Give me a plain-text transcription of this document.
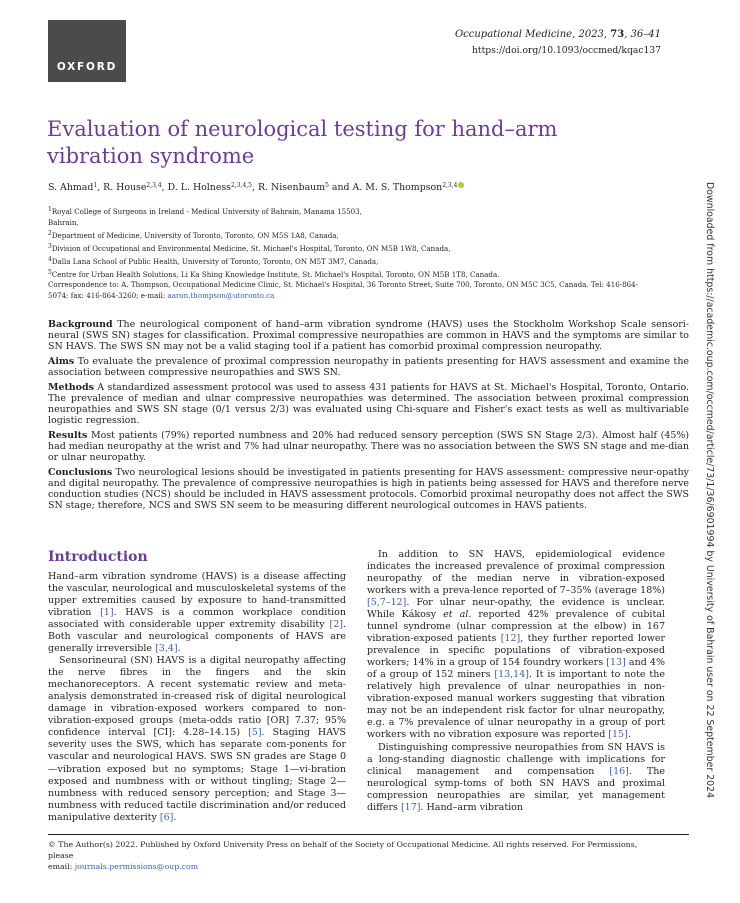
OXFORD
Occupational Medicine, 2023, 73, 36–41
https://doi.org/10.1093/occmed/kqac137
Evaluation of neurological testing for hand–arm vibration syndrome
S. Ahmad$^1$, R. House$^{2,3,4}$, D. L. Holness$^{2,3,4,5}$, R. Nisenbaum$^5$ and A. M. S. Thompson$^{2,3,4}$
$^1$Royal College of Surgeons in Ireland - Medical University of Bahrain, Manama 15503,
Bahrain,
$^2$Department of Medicine, University of Toronto, Toronto, ON M5S 1A8, Canada,
$^3$Division of Occupational and Environmental Medicine, St. Michael's Hospital, Toronto, ON M5B 1W8, Canada,
$^4$Dalla Lana School of Public Health, University of Toronto, Toronto, ON M5T 3M7, Canada,
$^5$Centre for Urban Health Solutions, Li Ka Shing Knowledge Institute, St. Michael's Hospital, Toronto, ON M5B 1T8, Canada.
Correspondence to: A. Thompson, Occupational Medicine Clinic, St. Michael's Hospital, 36 Toronto Street, Suite 700, Toronto, ON M5C 3C5, Canada. Tel: 416-864-
5074; fax: 416-864-3260; e-mail: aaron.thompson@utoronto.ca

Background The neurological component of hand–arm vibration syndrome (HAVS) uses the Stockholm Workshop Scale sensori-neural (SWS SN) stages for classification. Proximal compressive neuropathies are common in HAVS and the symptoms are similar to SN HAVS. The SWS SN may not be a valid staging tool if a patient has comorbid proximal compression neuropathy.

Aims To evaluate the prevalence of proximal compression neuropathy in patients presenting for HAVS assessment and examine the association between compressive neuropathies and SWS SN.

Methods A standardized assessment protocol was used to assess 431 patients for HAVS at St. Michael's Hospital, Toronto, Ontario. The prevalence of median and ulnar compressive neuropathies was determined. The association between proximal compression neuropathies and SWS SN stage (0/1 versus 2/3) was evaluated using Chi-square and Fisher's exact tests as well as multivariable logistic regression.

Results Most patients (79%) reported numbness and 20% had reduced sensory perception (SWS SN Stage 2/3). Almost half (45%) had median neuropathy at the wrist and 7% had ulnar neuropathy. There was no association between the SWS SN stage and me-dian or ulnar neuropathy.

Conclusions Two neurological lesions should be investigated in patients presenting for HAVS assessment: compressive neur-opathy and digital neuropathy. The prevalence of compressive neuropathies is high in patients being assessed for HAVS and therefore nerve conduction studies (NCS) should be included in HAVS assessment protocols. Comorbid proximal neuropathy does not affect the SWS SN stage; therefore, NCS and SWS SN seem to be measuring different neurological outcomes in HAVS patients.

Introduction

Hand–arm vibration syndrome (HAVS) is a disease affecting the vascular, neurological and musculoskeletal systems of the upper extremities caused by exposure to hand-transmitted vibration [1]. HAVS is a common workplace condition associated with considerable upper extremity disability [2]. Both vascular and neurological components of HAVS are generally irreversible [3,4].

Sensorineural (SN) HAVS is a digital neuropathy affecting the nerve fibres in the fingers and the skin mechanoreceptors. A recent systematic review and meta-analysis demonstrated in-creased risk of digital neurological damage in vibration-exposed workers compared to non-vibration-exposed groups (meta-odds ratio [OR] 7.37; 95% confidence interval [CI]: 4.28–14.15) [5]. Staging HAVS severity uses the SWS, which has separate com-ponents for vascular and neurological HAVS. SWS SN grades are Stage 0—vibration exposed but no symptoms; Stage 1—vi-bration exposed and numbness with or without tingling; Stage 2—numbness with reduced sensory perception; and Stage 3—numbness with reduced tactile discrimination and/or reduced manipulative dexterity [6].

In addition to SN HAVS, epidemiological evidence indicates the increased prevalence of proximal compression neuropathy of the median nerve in vibration-exposed workers with a preva-lence reported of 7–35% (average 18%) [5,7–12]. For ulnar neur-opathy, the evidence is unclear. While Kákosy et al. reported 42% prevalence of cubital tunnel syndrome (ulnar compression at the elbow) in 167 vibration-exposed patients [12], they further reported lower prevalence in specific populations of vibration-exposed workers; 14% in a group of 154 foundry workers [13] and 4% of a group of 152 miners [13,14]. It is important to note the relatively high prevalence of ulnar neuropathies in non-vibration-exposed manual workers suggesting that vibration may not be an independent risk factor for ulnar neuropathy, e.g. a 7% prevalence of ulnar neuropathy in a group of port workers with no vibration exposure was reported [15].

Distinguishing compressive neuropathies from SN HAVS is a long-standing diagnostic challenge with implications for clinical management and compensation [16]. The neurological symp-toms of both SN HAVS and proximal compression neuropathies are similar, yet management differs [17]. Hand–arm vibration

© The Author(s) 2022. Published by Oxford University Press on behalf of the Society of Occupational Medicine. All rights reserved. For Permissions, please
email: journals.permissions@oup.com
Downloaded from https://academic.oup.com/occmed/article/73/1/36/6901994 by University of Bahrain user on 22 September 2024
